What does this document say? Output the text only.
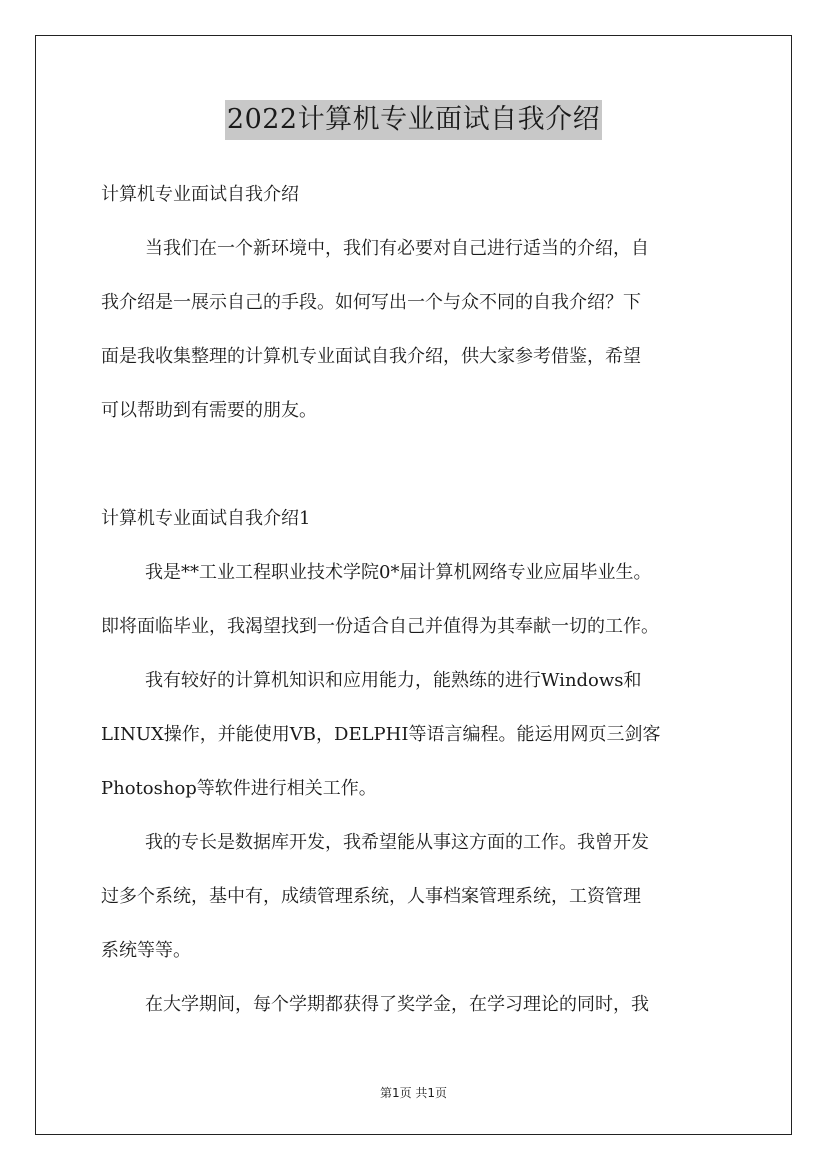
2022计算机专业面试自我介绍

计算机专业面试自我介绍

当我们在一个新环境中，我们有必要对自己进行适当的介绍，自

我介绍是一展示自己的手段。如何写出一个与众不同的自我介绍？下

面是我收集整理的计算机专业面试自我介绍，供大家参考借鉴，希望

可以帮助到有需要的朋友。

计算机专业面试自我介绍1

我是**工业工程职业技术学院0*届计算机网络专业应届毕业生。

即将面临毕业，我渴望找到一份适合自己并值得为其奉献一切的工作。

我有较好的计算机知识和应用能力，能熟练的进行Windows和

LINUX操作，并能使用VB，DELPHI等语言编程。能运用网页三剑客

Photoshop等软件进行相关工作。

我的专长是数据库开发，我希望能从事这方面的工作。我曾开发

过多个系统，基中有，成绩管理系统，人事档案管理系统，工资管理

系统等等。

在大学期间，每个学期都获得了奖学金，在学习理论的同时，我

第1页 共1页
